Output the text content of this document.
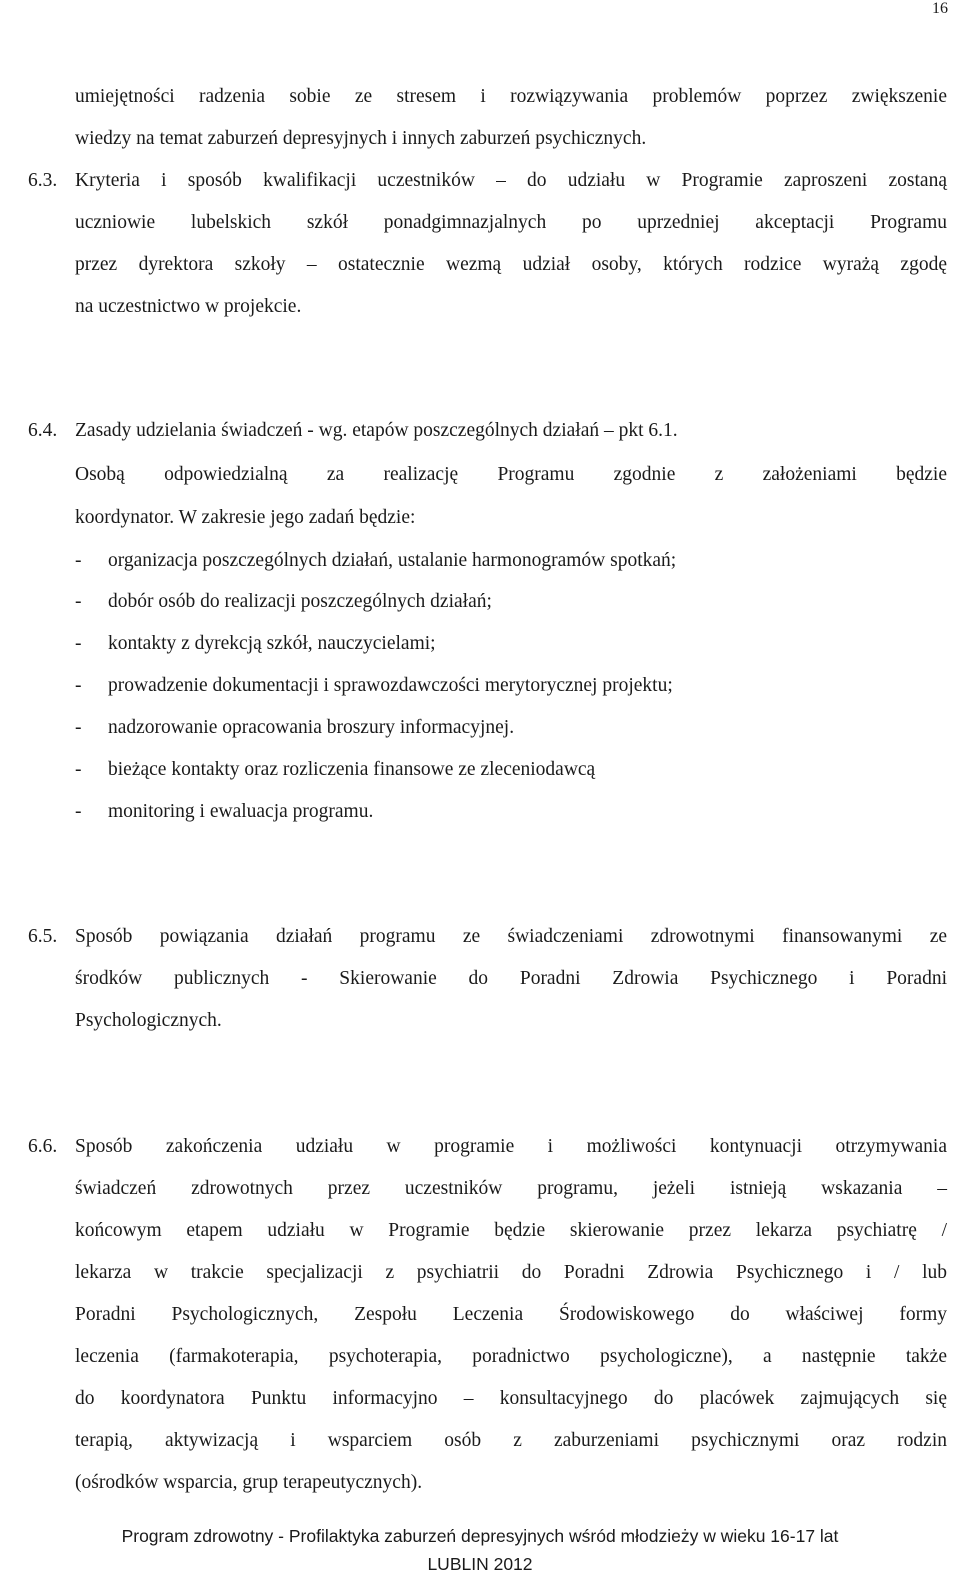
16
umiejętności radzenia sobie ze stresem i rozwiązywania problemów poprzez zwiększenie
wiedzy na temat zaburzeń depresyjnych i innych zaburzeń psychicznych.
6.3. Kryteria i sposób kwalifikacji uczestników – do udziału w Programie zaproszeni zostaną
uczniowie lubelskich szkół ponadgimnazjalnych po uprzedniej akceptacji Programu
przez dyrektora szkoły – ostatecznie wezmą udział osoby, których rodzice wyrażą zgodę
na uczestnictwo w projekcie.
6.4. Zasady udzielania świadczeń - wg. etapów poszczególnych działań – pkt 6.1.
Osobą odpowiedzialną za realizację Programu zgodnie z założeniami będzie
koordynator. W zakresie jego zadań będzie:
- organizacja poszczególnych działań, ustalanie harmonogramów spotkań;
- dobór osób do realizacji poszczególnych działań;
- kontakty z dyrekcją szkół, nauczycielami;
- prowadzenie dokumentacji i sprawozdawczości merytorycznej projektu;
- nadzorowanie opracowania broszury informacyjnej.
- bieżące kontakty oraz rozliczenia finansowe ze zleceniodawcą
- monitoring i ewaluacja programu.
6.5. Sposób powiązania działań programu ze świadczeniami zdrowotnymi finansowanymi ze
środków publicznych - Skierowanie do Poradni Zdrowia Psychicznego i Poradni
Psychologicznych.
6.6. Sposób zakończenia udziału w programie i możliwości kontynuacji otrzymywania
świadczeń zdrowotnych przez uczestników programu, jeżeli istnieją wskazania –
końcowym etapem udziału w Programie będzie skierowanie przez lekarza psychiatrę /
lekarza w trakcie specjalizacji z psychiatrii do Poradni Zdrowia Psychicznego i / lub
Poradni Psychologicznych, Zespołu Leczenia Środowiskowego do właściwej formy
leczenia (farmakoterapia, psychoterapia, poradnictwo psychologiczne), a następnie także
do koordynatora Punktu informacyjno – konsultacyjnego do placówek zajmujących się
terapią, aktywizacją i wsparciem osób z zaburzeniami psychicznymi oraz rodzin
(ośrodków wsparcia, grup terapeutycznych).
Program zdrowotny - Profilaktyka zaburzeń depresyjnych wśród młodzieży w wieku 16-17 lat
LUBLIN 2012
